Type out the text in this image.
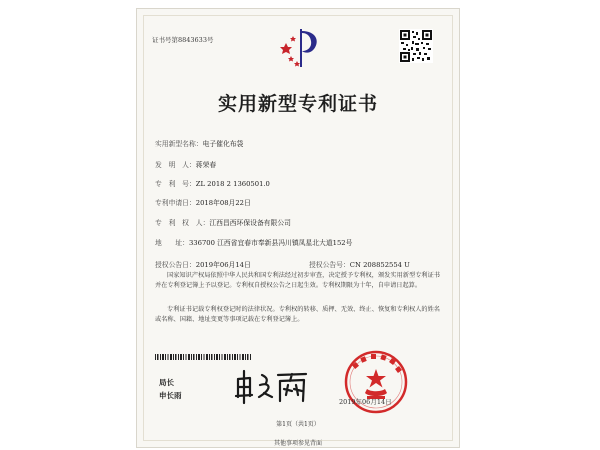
证书号第8843633号
实用新型专利证书
实用新型名称：电子催化布袋
发　明　人：蒋荣春
专　利　号：ZL 2018 2 1360501.0
专利申请日：2018年08月22日
专　利　权　人：江西昌西环保设备有限公司
地　　址：336700 江西省宜春市奉新县冯川镇凤星北大道152号
授权公告日：2019年06月14日	授权公告号：CN 208852554 U

国家知识产权局依照中华人民共和国专利法经过初步审查，决定授予专利权，颁发实用新型专利证书并在专利登记簿上予以登记。专利权自授权公告之日起生效。专利权期限为十年，自申请日起算。

专利证书记载专利权登记时的法律状况。专利权的转移、质押、无效、终止、恢复和专利权人的姓名或名称、国籍、地址变更等事项记载在专利登记簿上。

局长
申长雨
2019年06月14日
第1页（共1页）
其他事项参见背面
